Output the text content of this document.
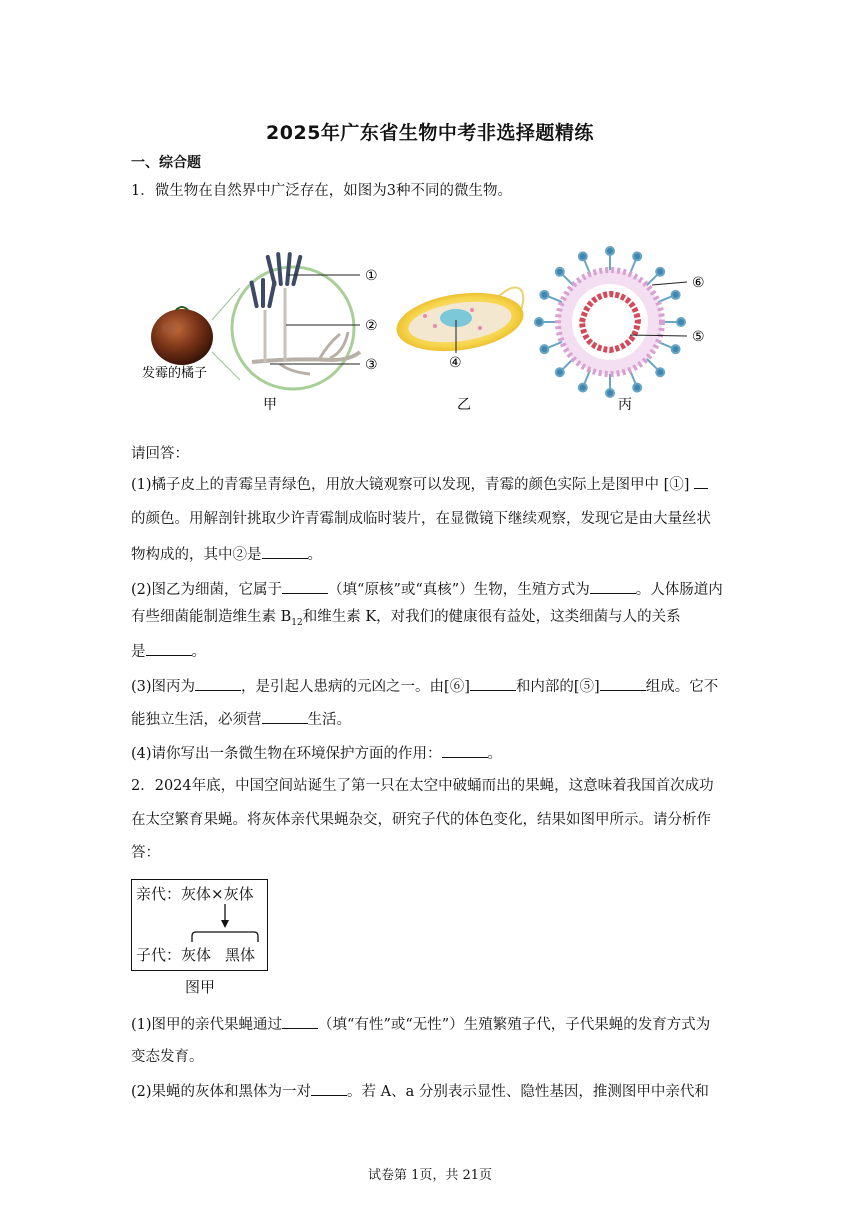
2025年广东省生物中考非选择题精练
一、综合题
1．微生物在自然界中广泛存在，如图为3种不同的微生物。
①
②
③	④
⑥
⑤
发霉的橘子
甲	乙	丙
请回答：
(1)橘子皮上的青霉呈青绿色，用放大镜观察可以发现，青霉的颜色实际上是图甲中 [①]
的颜色。用解剖针挑取少许青霉制成临时装片，在显微镜下继续观察，发现它是由大量丝状
物构成的，其中②是	。
(2)图乙为细菌，它属于	（填“原核”或“真核”）生物，生殖方式为	。人体肠道内
有些细菌能制造维生素 $B_{12}$和维生素 K，对我们的健康很有益处，这类细菌与人的关系
是	。
(3)图丙为	，是引起人患病的元凶之一。由[⑥]	和内部的[⑤]	组成。它不
能独立生活，必须营	生活。
(4)请你写出一条微生物在环境保护方面的作用：	。
2．2024年底，中国空间站诞生了第一只在太空中破蛹而出的果蝇，这意味着我国首次成功
在太空繁育果蝇。将灰体亲代果蝇杂交，研究子代的体色变化，结果如图甲所示。请分析作
答：
亲代：灰体×灰体
子代：灰体 黑体
图甲
(1)图甲的亲代果蝇通过 （填“有性”或“无性”）生殖繁殖子代，子代果蝇的发育方式为
变态发育。
(2)果蝇的灰体和黑体为一对 。若 A、a 分别表示显性、隐性基因，推测图甲中亲代和
试卷第 1页，共 21页
